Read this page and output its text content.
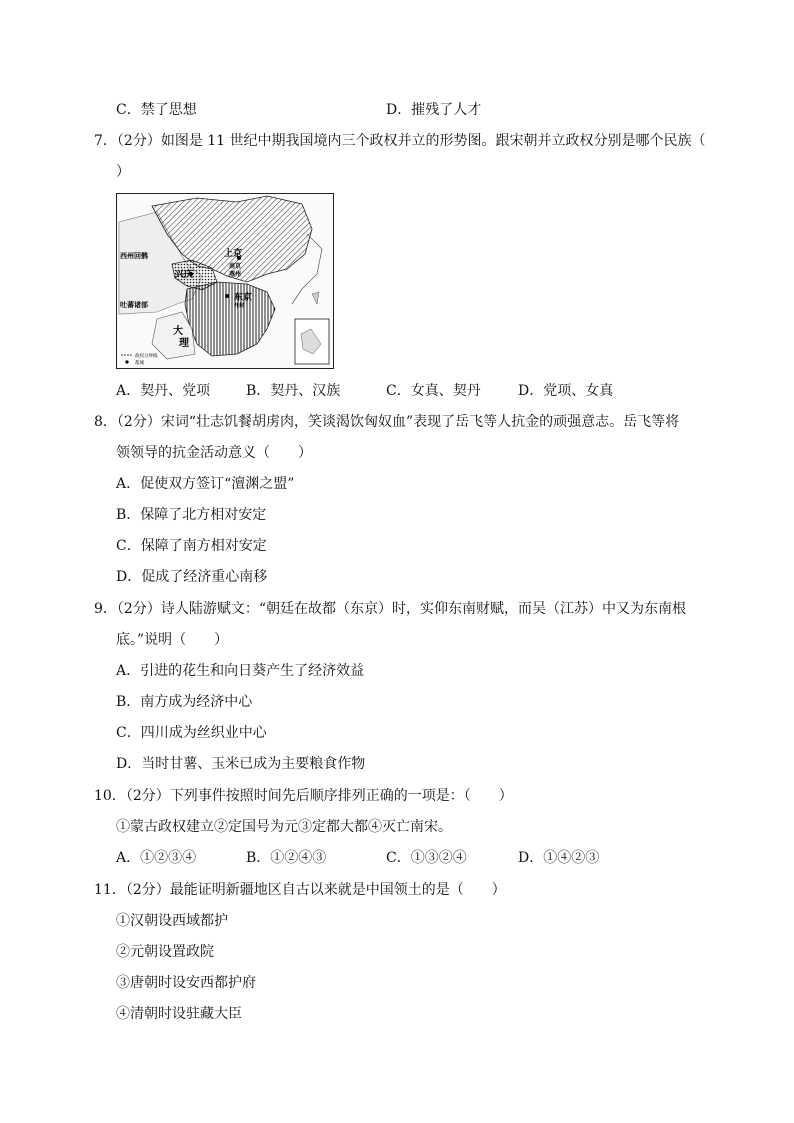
C．禁了思想	D．摧残了人才
7．（2分）如图是 11 世纪中期我国境内三个政权并立的形势图。跟宋朝并立政权分别是哪个民族（
）
上京
西州回鹘
兴庆
南京
燕州
东京
开封
吐蕃诸部
大
理
政权分界线
都城
A．契丹、党项	B．契丹、汉族	C．女真、契丹	D．党项、女真
8．（2分）宋词“壮志饥餐胡虏肉，笑谈渴饮匈奴血”表现了岳飞等人抗金的顽强意志。岳飞等将
领领导的抗金活动意义（　　）
A．促使双方签订“澶渊之盟”
B．保障了北方相对安定
C．保障了南方相对安定
D．促成了经济重心南移
9．（2分）诗人陆游赋文：“朝廷在故都（东京）时，实仰东南财赋，而吴（江苏）中又为东南根
底。”说明（　　）
A．引进的花生和向日葵产生了经济效益
B．南方成为经济中心
C．四川成为丝织业中心
D．当时甘薯、玉米已成为主要粮食作物
10．（2分）下列事件按照时间先后顺序排列正确的一项是：（　　）
①蒙古政权建立②定国号为元③定都大都④灭亡南宋。
A．①②③④	B．①②④③	C．①③②④	D．①④②③
11．（2分）最能证明新疆地区自古以来就是中国领土的是（　　）
①汉朝设西域都护
②元朝设置政院
③唐朝时设安西都护府
④清朝时设驻藏大臣
